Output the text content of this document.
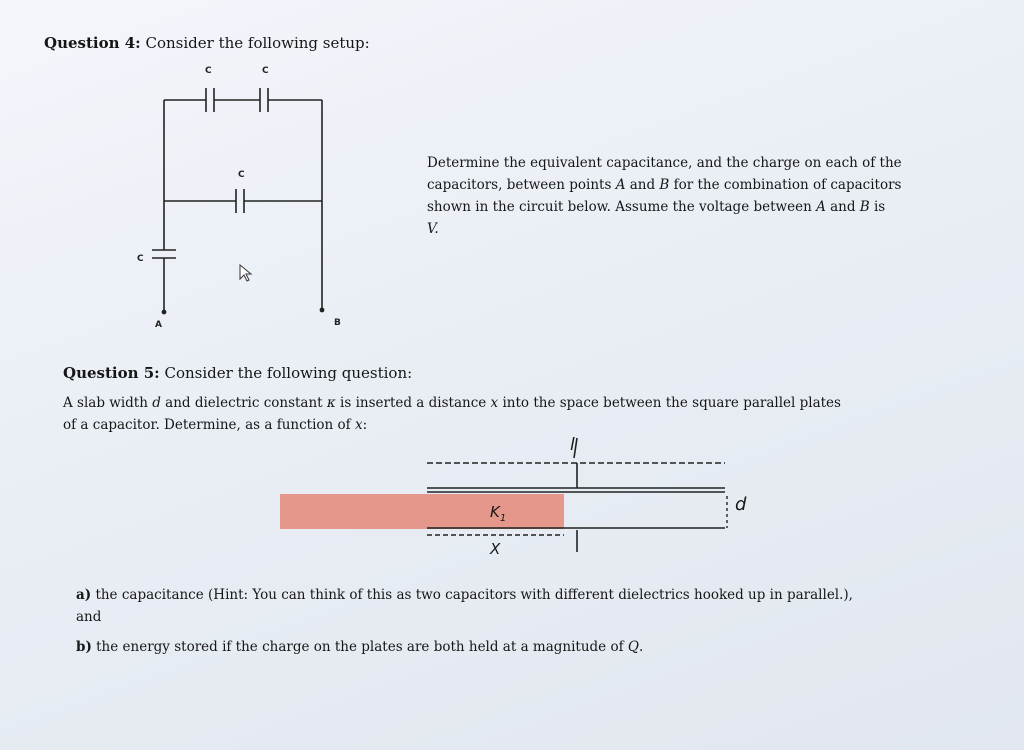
Question 4: Consider the following setup:
C	C
C
C
A	B
Determine the equivalent capacitance, and the charge on each of the
capacitors, between points A and B for the combination of capacitors
shown in the circuit below. Assume the voltage between A and B is
V.
Question 5: Consider the following question:
A slab width d and dielectric constant κ is inserted a distance x into the space between the square parallel plates
of a capacitor. Determine, as a function of x:
l
$K_1$
d
X
a) the capacitance (Hint: You can think of this as two capacitors with different dielectrics hooked up in parallel.),
and
b) the energy stored if the charge on the plates are both held at a magnitude of Q.
